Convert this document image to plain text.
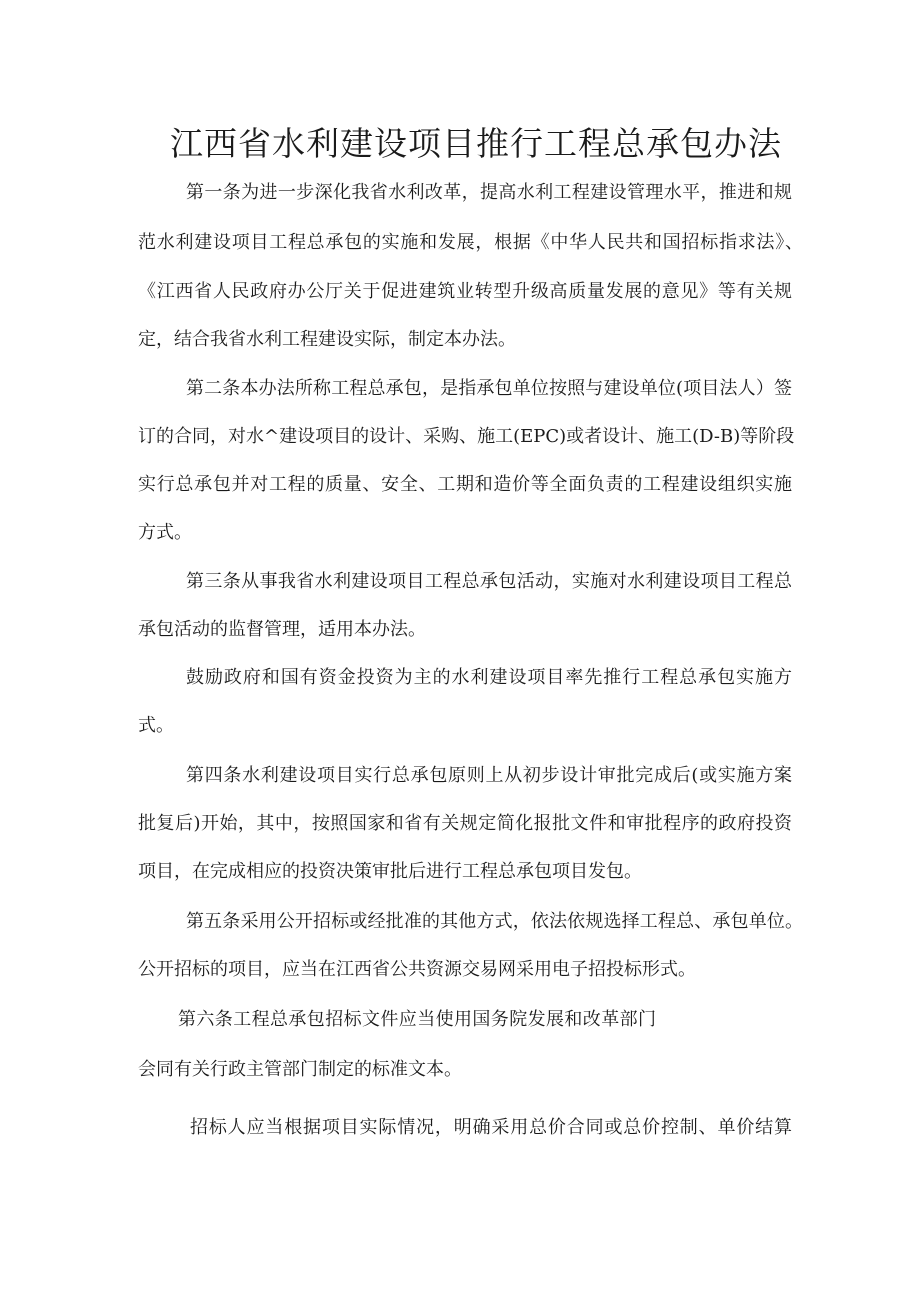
江西省水利建设项目推行工程总承包办法
第一条为进一步深化我省水利改革，提高水利工程建设管理水平，推进和规
范水利建设项目工程总承包的实施和发展，根据《中华人民共和国招标指求法》、
《江西省人民政府办公厅关于促进建筑业转型升级高质量发展的意见》等有关规
定，结合我省水利工程建设实际，制定本办法。
第二条本办法所称工程总承包，是指承包单位按照与建设单位(项目法人）签
订的合同，对水^建设项目的设计、采购、施工(EPC)或者设计、施工(D-B)等阶段
实行总承包并对工程的质量、安全、工期和造价等全面负责的工程建设组织实施
方式。
第三条从事我省水利建设项目工程总承包活动，实施对水利建设项目工程总
承包活动的监督管理，适用本办法。
鼓励政府和国有资金投资为主的水利建设项目率先推行工程总承包实施方
式。
第四条水利建设项目实行总承包原则上从初步设计审批完成后(或实施方案
批复后)开始，其中，按照国家和省有关规定简化报批文件和审批程序的政府投资
项目，在完成相应的投资决策审批后进行工程总承包项目发包。
第五条采用公开招标或经批准的其他方式，依法依规选择工程总、承包单位。
公开招标的项目，应当在江西省公共资源交易网采用电子招投标形式。
第六条工程总承包招标文件应当使用国务院发展和改革部门
会同有关行政主管部门制定的标准文本。
招标人应当根据项目实际情况，明确采用总价合同或总价控制、单价结算
